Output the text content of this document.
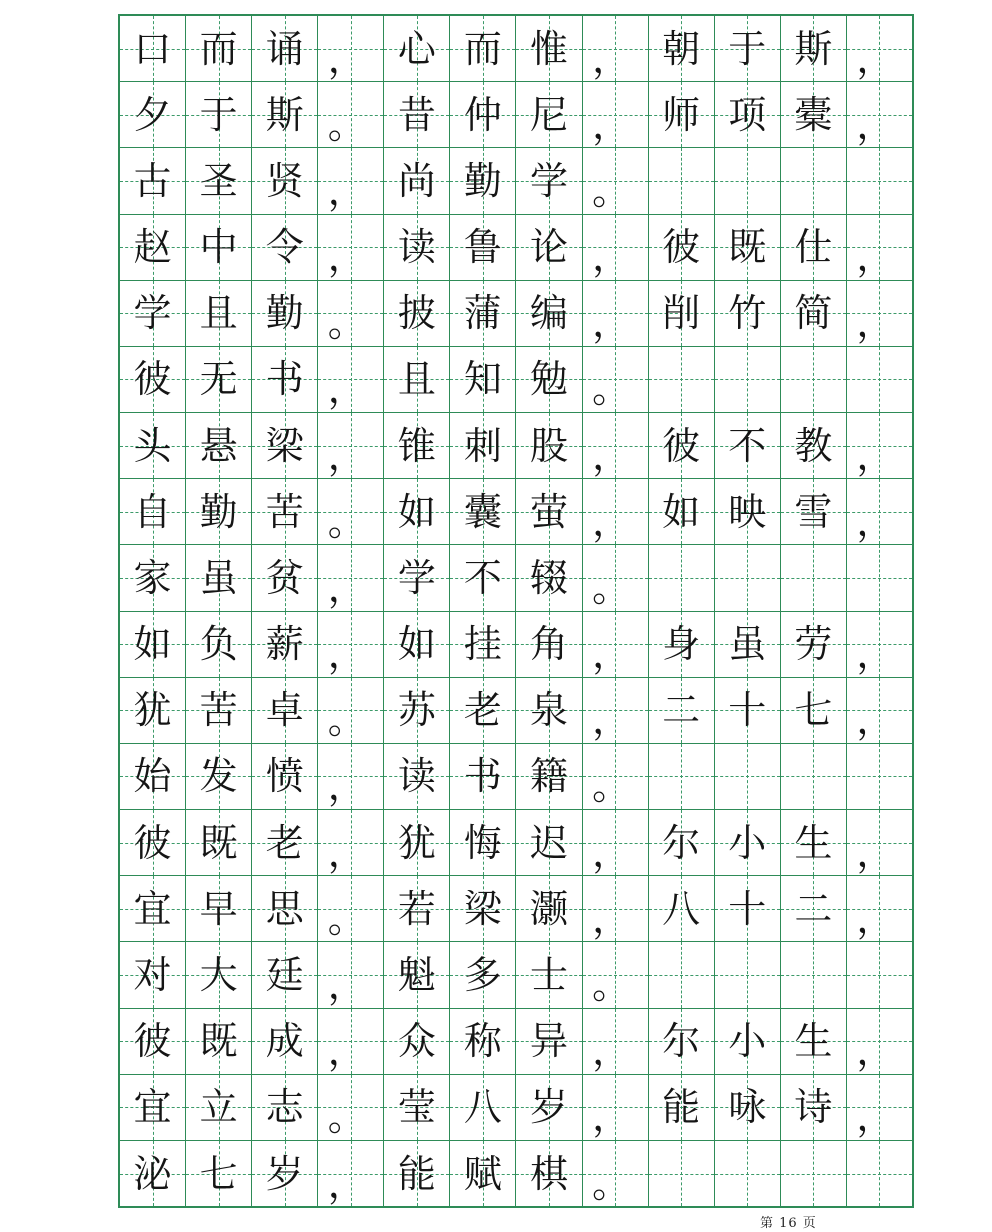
口 而 诵 ， 心 而 惟 ， 朝 于 斯 ，
夕 于 斯 。 昔 仲 尼 ， 师 项 橐 ，
古 圣 贤 ， 尚 勤 学 。
赵 中 令 ， 读 鲁 论 ， 彼 既 仕 ，
学 且 勤 。 披 蒲 编 ， 削 竹 简 ，
彼 无 书 ， 且 知 勉 。
头 悬 梁 ， 锥 刺 股 ， 彼 不 教 ，
自 勤 苦 。 如 囊 萤 ， 如 映 雪 ，
家 虽 贫 ， 学 不 辍 。
如 负 薪 ， 如 挂 角 ， 身 虽 劳 ，
犹 苦 卓 。 苏 老 泉 ， 二 十 七 ，
始 发 愤 ， 读 书 籍 。
彼 既 老 ， 犹 悔 迟 ， 尔 小 生 ，
宜 早 思 。 若 梁 灏 ， 八 十 二 ，
对 大 廷 ， 魁 多 士 。
彼 既 成 ， 众 称 异 ， 尔 小 生 ，
宜 立 志 。 莹 八 岁 ， 能 咏 诗 ，
泌 七 岁 ， 能 赋 棋 。
第 16 页
